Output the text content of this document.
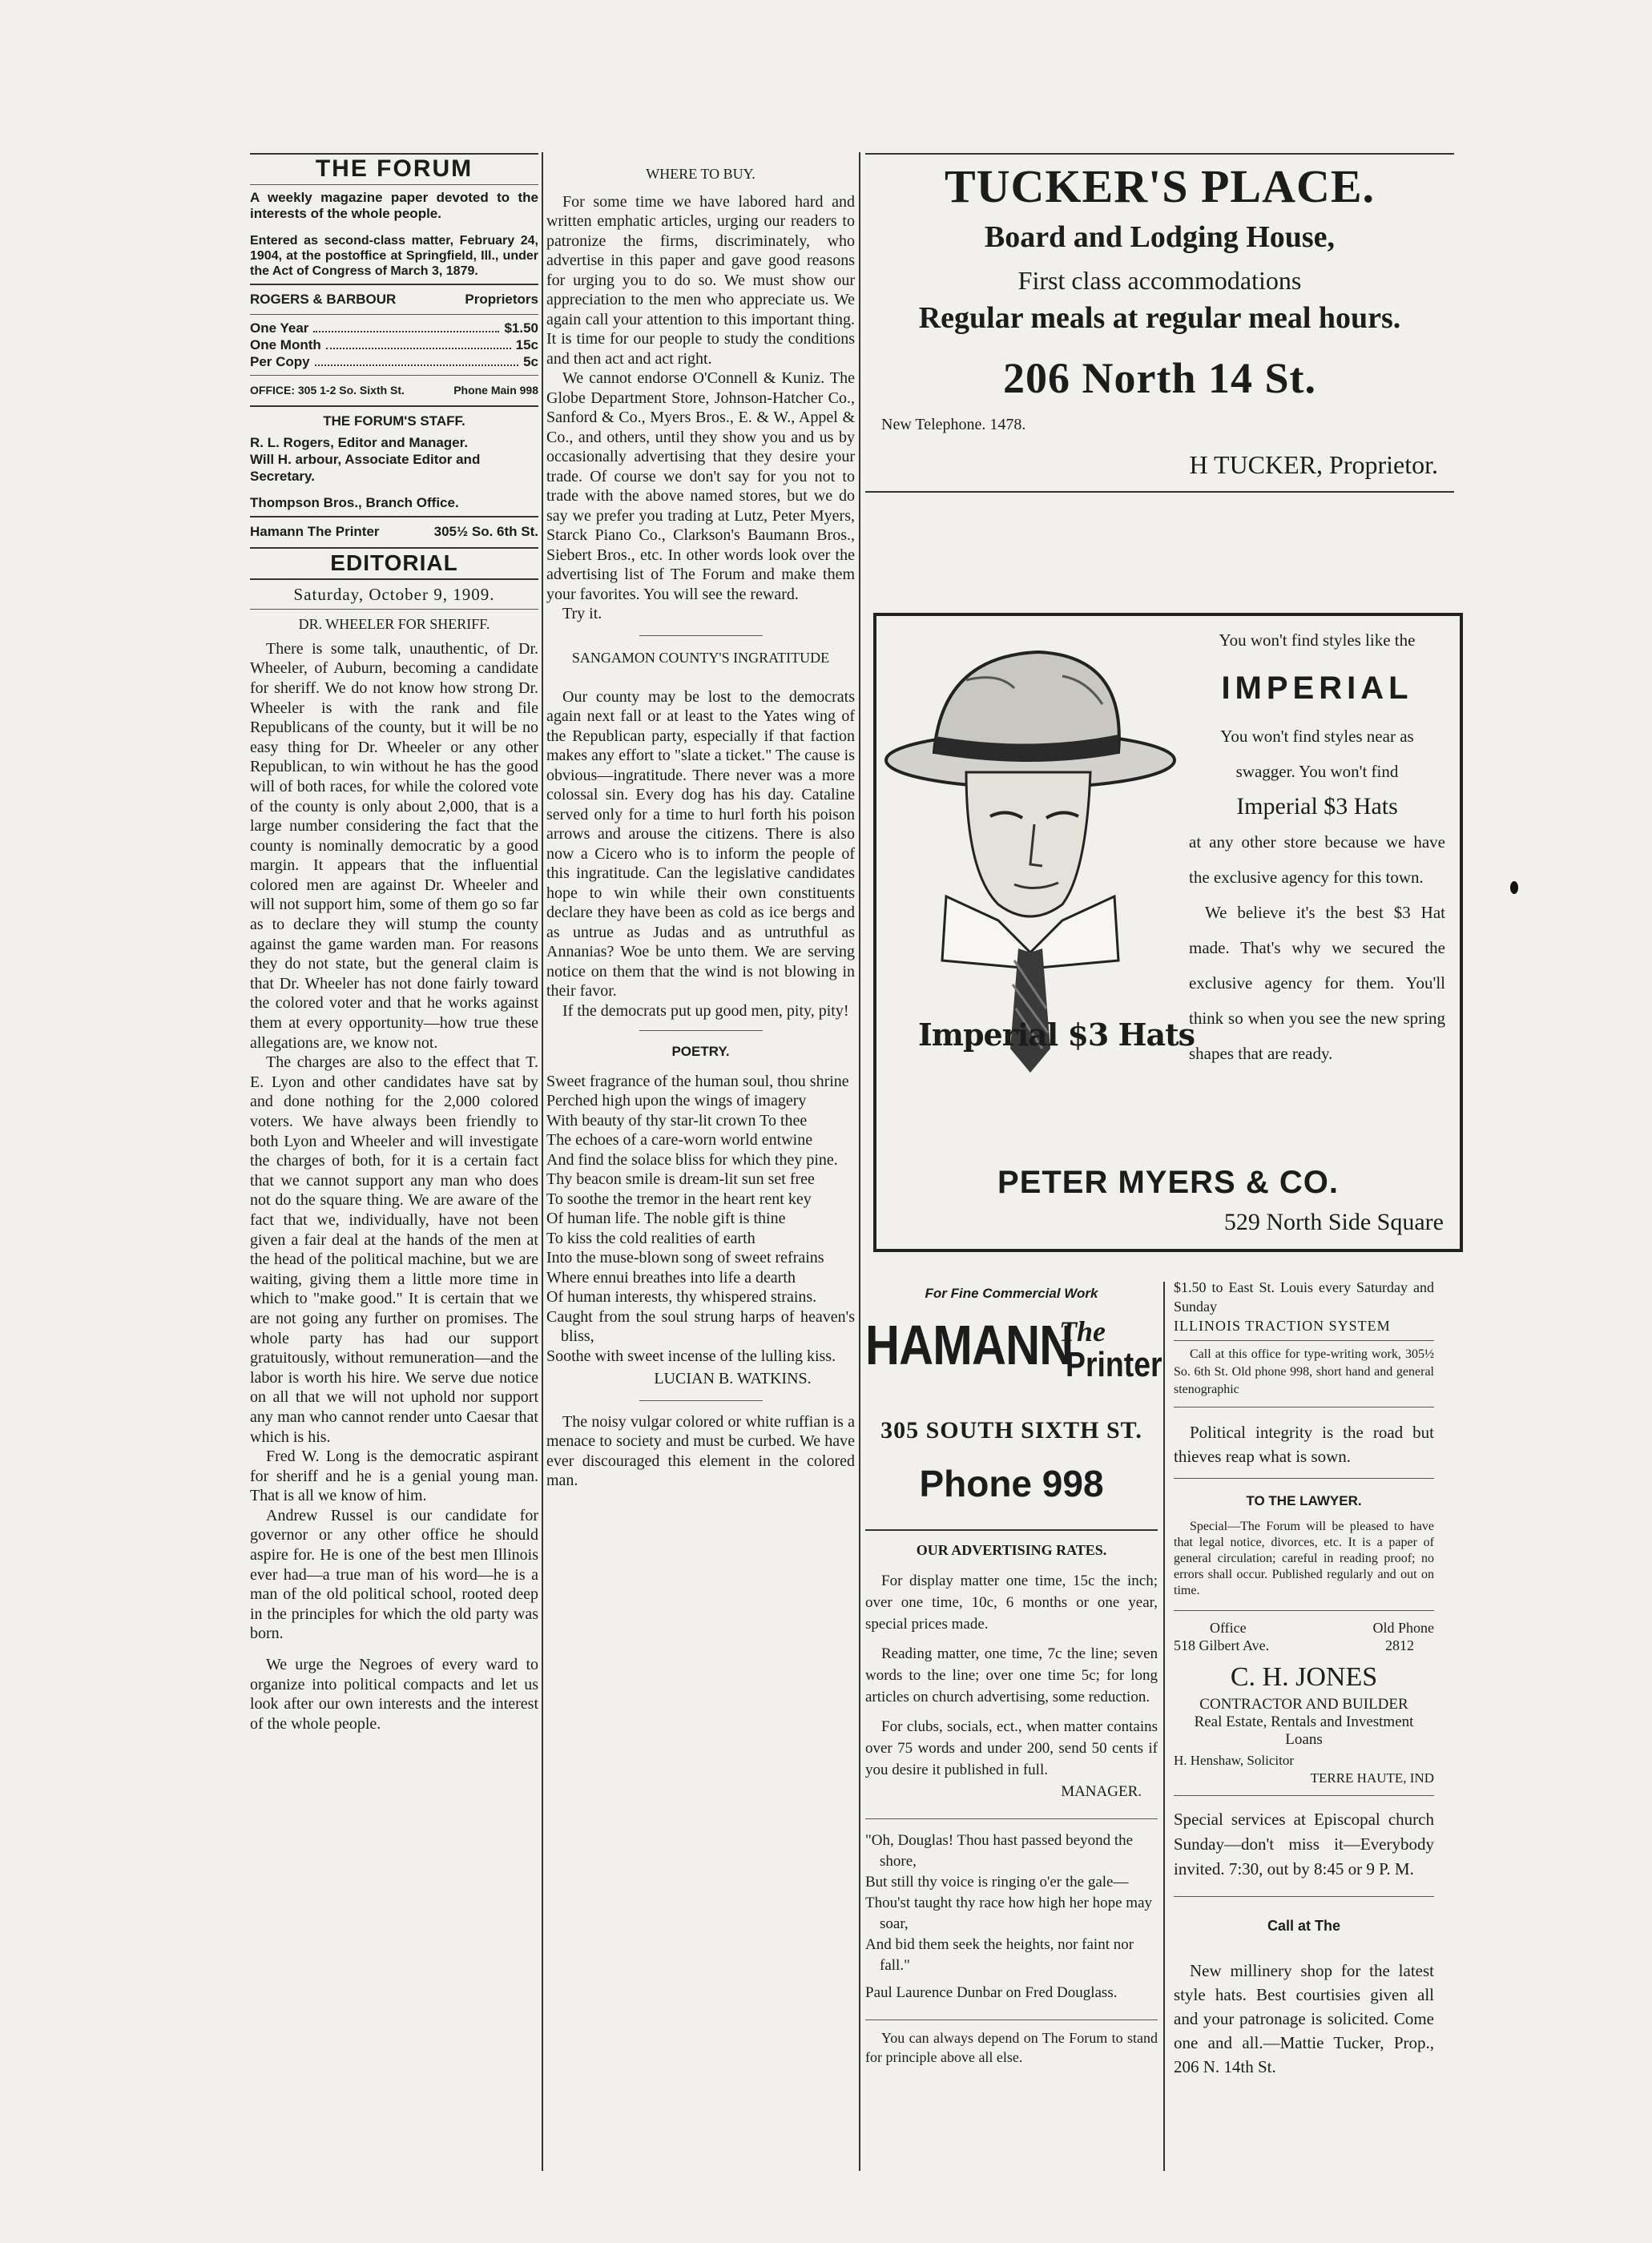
THE FORUM

A weekly magazine paper devoted to the interests of the whole people.

Entered as second-class matter, February 24, 1904, at the postoffice at Springfield, Ill., under the Act of Congress of March 3, 1879.

ROGERS & BARBOUR	Proprietors
One Year	$1.50
One Month	15c
Per Copy	5c
OFFICE: 305 1-2 So. Sixth St.	Phone Main 998
THE FORUM'S STAFF.

R. L. Rogers, Editor and Manager.

Will H. arbour, Associate Editor and Secretary.

Thompson Bros., Branch Office.

Hamann The Printer	305½ So. 6th St.
EDITORIAL
Saturday, October 9, 1909.
DR. WHEELER FOR SHERIFF.

There is some talk, unauthentic, of Dr. Wheeler, of Auburn, becoming a candidate for sheriff. We do not know how strong Dr. Wheeler is with the rank and file Republicans of the county, but it will be no easy thing for Dr. Wheeler or any other Republican, to win without he has the good will of both races, for while the colored vote of the county is only about 2,000, that is a large number considering the fact that the county is nominally democratic by a good margin. It appears that the influential colored men are against Dr. Wheeler and will not support him, some of them go so far as to declare they will stump the county against the game warden man. For reasons they do not state, but the general claim is that Dr. Wheeler has not done fairly toward the colored voter and that he works against them at every opportunity—how true these allegations are, we know not.

The charges are also to the effect that T. E. Lyon and other candidates have sat by and done nothing for the 2,000 colored voters. We have always been friendly to both Lyon and Wheeler and will investigate the charges of both, for it is a certain fact that we cannot support any man who does not do the square thing. We are aware of the fact that we, individually, have not been given a fair deal at the hands of the men at the head of the political machine, but we are waiting, giving them a little more time in which to "make good." It is certain that we are not going any further on promises. The whole party has had our support gratuitously, without remuneration—and the labor is worth his hire. We serve due notice on all that we will not uphold nor support any man who cannot render unto Caesar that which is his.

Fred W. Long is the democratic aspirant for sheriff and he is a genial young man. That is all we know of him.

Andrew Russel is our candidate for governor or any other office he should aspire for. He is one of the best men Illinois ever had—a true man of his word—he is a man of the old political school, rooted deep in the principles for which the old party was born.

We urge the Negroes of every ward to organize into political compacts and let us look after our own interests and the interest of the whole people.

WHERE TO BUY.

For some time we have labored hard and written emphatic articles, urging our readers to patronize the firms, discriminately, who advertise in this paper and gave good reasons for urging you to do so. We must show our appreciation to the men who appreciate us. We again call your attention to this important thing. It is time for our people to study the conditions and then act and act right.

We cannot endorse O'Connell & Kuniz. The Globe Department Store, Johnson-Hatcher Co., Sanford & Co., Myers Bros., E. & W., Appel & Co., and others, until they show you and us by occasionally advertising that they desire your trade. Of course we don't say for you not to trade with the above named stores, but we do say we prefer you trading at Lutz, Peter Myers, Starck Piano Co., Clarkson's Baumann Bros., Siebert Bros., etc. In other words look over the advertising list of The Forum and make them your favorites. You will see the reward.

Try it.

SANGAMON COUNTY'S INGRATITUDE

Our county may be lost to the democrats again next fall or at least to the Yates wing of the Republican party, especially if that faction makes any effort to "slate a ticket." The cause is obvious—ingratitude. There never was a more colossal sin. Every dog has his day. Cataline served only for a time to hurl forth his poison arrows and arouse the citizens. There is also now a Cicero who is to inform the people of this ingratitude. Can the legislative candidates hope to win while their own constituents declare they have been as cold as ice bergs and as untrue as Judas and as untruthful as Annanias? Woe be unto them. We are serving notice on them that the wind is not blowing in their favor.

If the democrats put up good men, pity, pity!

POETRY.

Sweet fragrance of the human soul, thou shrine

Perched high upon the wings of imagery

With beauty of thy star-lit crown To thee

The echoes of a care-worn world entwine

And find the solace bliss for which they pine.

Thy beacon smile is dream-lit sun set free

To soothe the tremor in the heart rent key

Of human life. The noble gift is thine

To kiss the cold realities of earth

Into the muse-blown song of sweet refrains

Where ennui breathes into life a dearth

Of human interests, thy whispered strains.

Caught from the soul strung harps of heaven's bliss,

Soothe with sweet incense of the lulling kiss.

LUCIAN B. WATKINS.

The noisy vulgar colored or white ruffian is a menace to society and must be curbed. We have ever discouraged this element in the colored man.

TUCKER'S PLACE.
Board and Lodging House,
First class accommodations
Regular meals at regular meal hours.
206 North 14 St.
New Telephone. 1478.
H TUCKER, Proprietor.
Imperial $3 Hats
You won't find styles like the
IMPERIAL
You won't find styles near as swagger. You won't find
Imperial $3 Hats
at any other store because we have the exclusive agency for this town.
We believe it's the best $3 Hat made. That's why we secured the exclusive agency for them. You'll think so when you see the new spring shapes that are ready.
PETER MYERS & CO.
529 North Side Square
For Fine Commercial Work
HAMANN
The
Printer
305 SOUTH SIXTH ST.
Phone 998
OUR ADVERTISING RATES.

For display matter one time, 15c the inch; over one time, 10c, 6 months or one year, special prices made.

Reading matter, one time, 7c the line; seven words to the line; over one time 5c; for long articles on church advertising, some reduction.

For clubs, socials, ect., when matter contains over 75 words and under 200, send 50 cents if you desire it published in full.

MANAGER.

"Oh, Douglas! Thou hast passed beyond the shore,

But still thy voice is ringing o'er the gale—

Thou'st taught thy race how high her hope may soar,

And bid them seek the heights, nor faint nor fall."

Paul Laurence Dunbar on Fred Douglass.

You can always depend on The Forum to stand for principle above all else.

$1.50 to East St. Louis every Saturday and Sunday

ILLINOIS TRACTION SYSTEM

Call at this office for type-writing work, 305½ So. 6th St. Old phone 998, short hand and general stenographic

Political integrity is the road but thieves reap what is sown.

TO THE LAWYER.

Special—The Forum will be pleased to have that legal notice, divorces, etc. It is a paper of general circulation; careful in reading proof; no errors shall occur. Published regularly and out on time.

Office	Old Phone
518 Gilbert Ave.	2812
C. H. JONES
CONTRACTOR AND BUILDER
Real Estate, Rentals and Investment Loans
H. Henshaw, Solicitor
TERRE HAUTE, IND

Special services at Episcopal church Sunday—don't miss it—Everybody invited. 7:30, out by 8:45 or 9 P. M.

Call at The

New millinery shop for the latest style hats. Best courtisies given all and your patronage is solicited. Come one and all.—Mattie Tucker, Prop., 206 N. 14th St.
